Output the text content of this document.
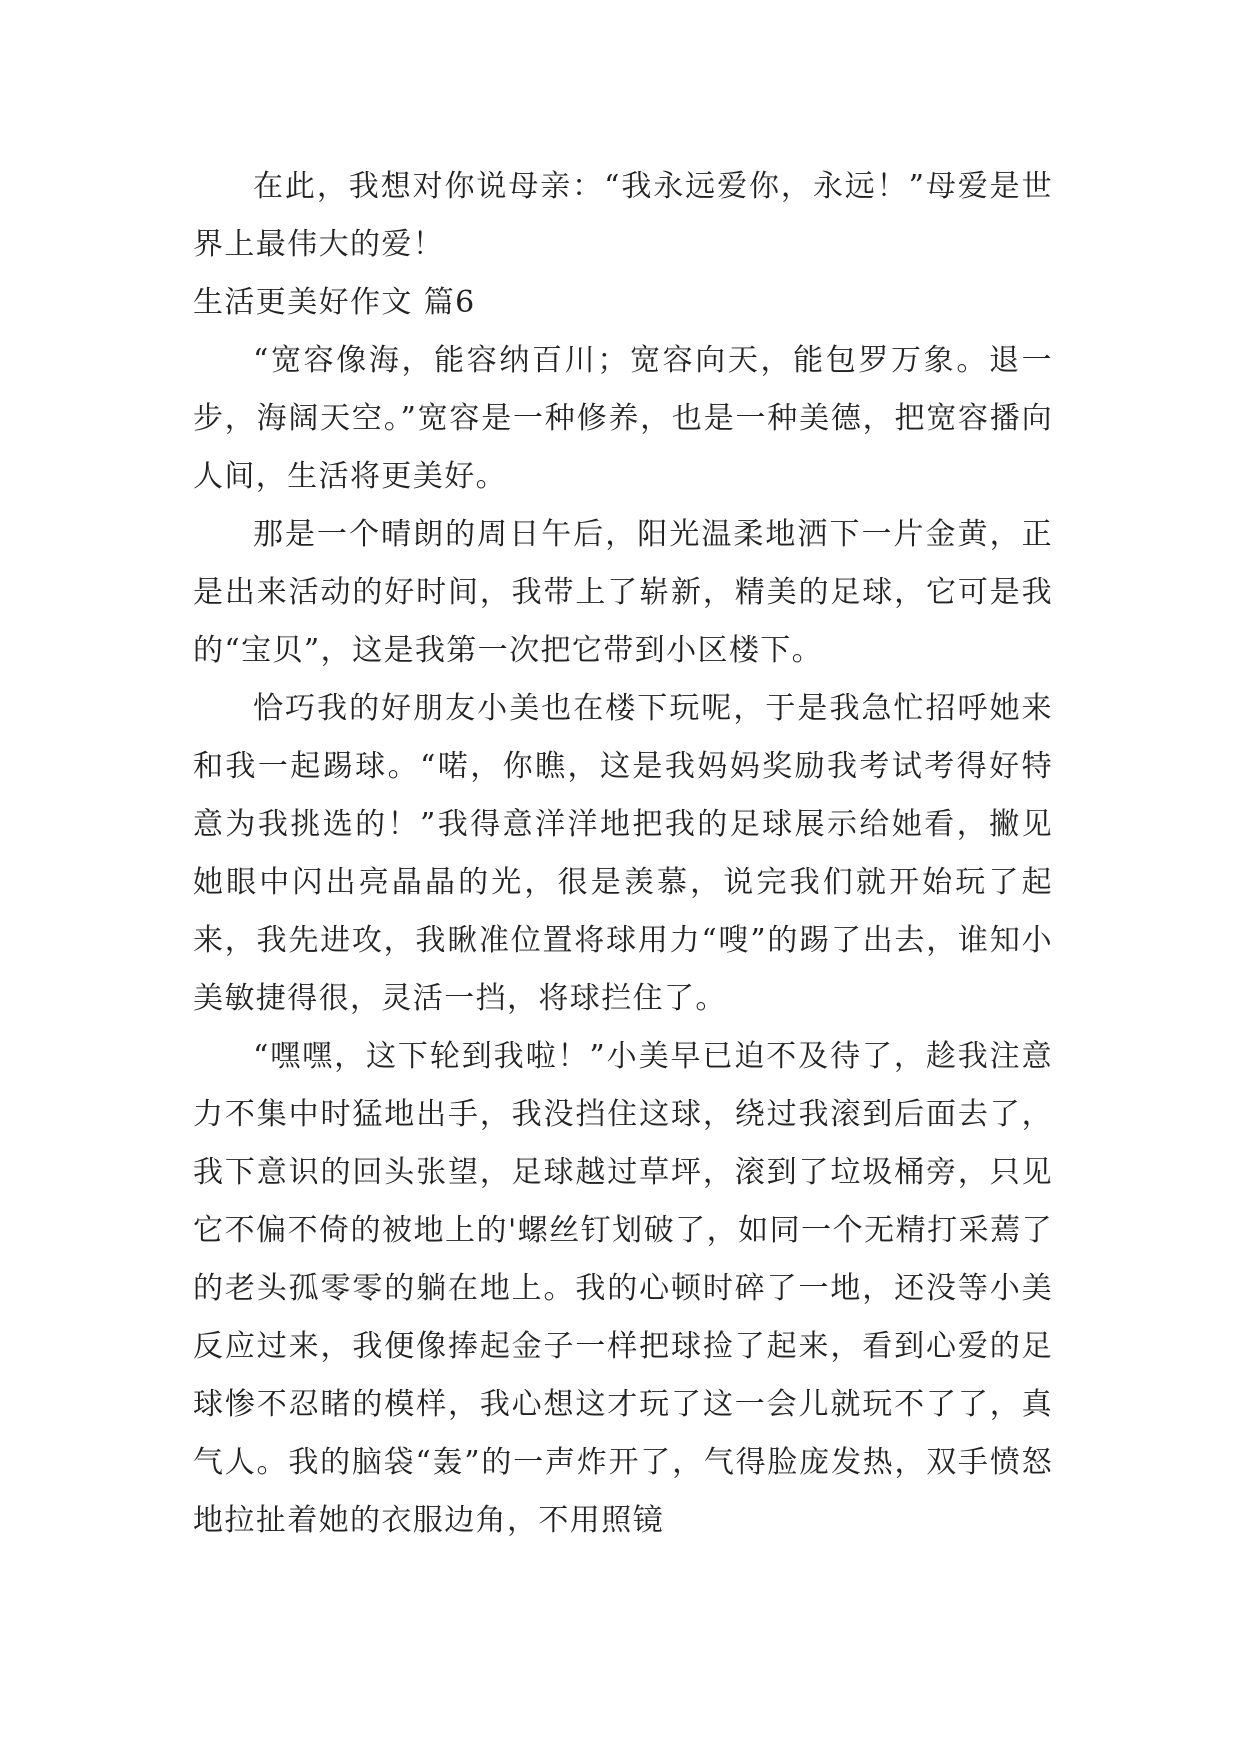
在此，我想对你说母亲：“我永远爱你，永远！”母爱是世界上最伟大的爱！

生活更美好作文 篇6

“宽容像海，能容纳百川；宽容向天，能包罗万象。退一步，海阔天空。”宽容是一种修养，也是一种美德，把宽容播向人间，生活将更美好。

那是一个晴朗的周日午后，阳光温柔地洒下一片金黄，正是出来活动的好时间，我带上了崭新，精美的足球，它可是我的“宝贝”，这是我第一次把它带到小区楼下。

恰巧我的好朋友小美也在楼下玩呢，于是我急忙招呼她来和我一起踢球。“喏，你瞧，这是我妈妈奖励我考试考得好特意为我挑选的！”我得意洋洋地把我的足球展示给她看，撇见她眼中闪出亮晶晶的光，很是羡慕，说完我们就开始玩了起来，我先进攻，我瞅准位置将球用力“嗖”的踢了出去，谁知小美敏捷得很，灵活一挡，将球拦住了。

“嘿嘿，这下轮到我啦！”小美早已迫不及待了，趁我注意力不集中时猛地出手，我没挡住这球，绕过我滚到后面去了，我下意识的回头张望，足球越过草坪，滚到了垃圾桶旁，只见它不偏不倚的被地上的'螺丝钉划破了，如同一个无精打采蔫了的老头孤零零的躺在地上。我的心顿时碎了一地，还没等小美反应过来，我便像捧起金子一样把球捡了起来，看到心爱的足球惨不忍睹的模样，我心想这才玩了这一会儿就玩不了了，真气人。我的脑袋“轰”的一声炸开了，气得脸庞发热，双手愤怒地拉扯着她的衣服边角，不用照镜
